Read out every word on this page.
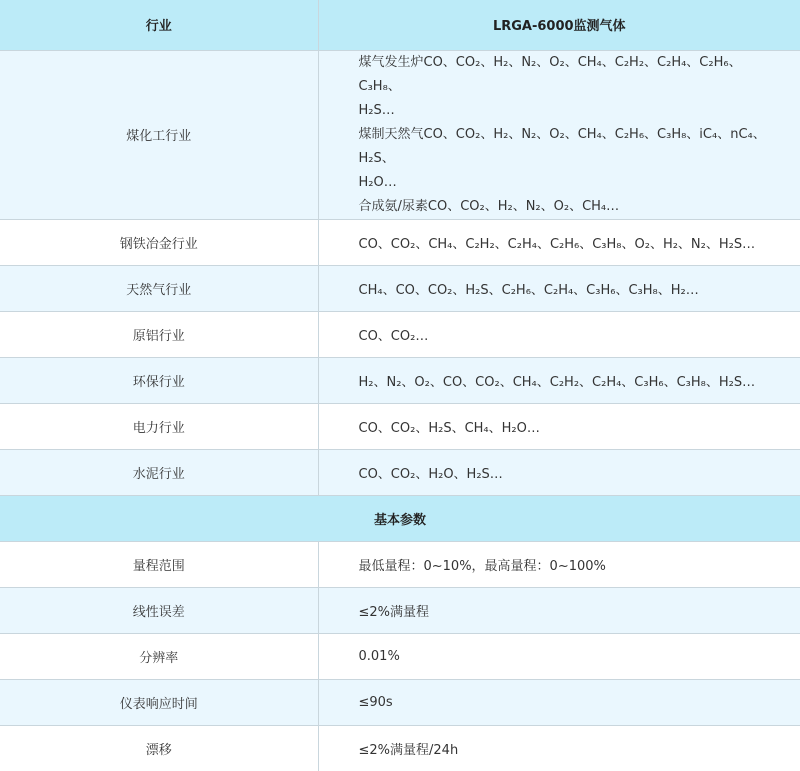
行业	LRGA-6000监测气体
煤化工行业	煤气发生炉CO、CO₂、H₂、N₂、O₂、CH₄、C₂H₂、C₂H₄、C₂H₆、C₃H₈、
H₂S…
煤制天然气CO、CO₂、H₂、N₂、O₂、CH₄、C₂H₆、C₃H₈、iC₄、nC₄、H₂S、
H₂O…
合成氨/尿素CO、CO₂、H₂、N₂、O₂、CH₄…

钢铁冶金行业	CO、CO₂、CH₄、C₂H₂、C₂H₄、C₂H₆、C₃H₈、O₂、H₂、N₂、H₂S…
天然气行业	CH₄、CO、CO₂、H₂S、C₂H₆、C₂H₄、C₃H₆、C₃H₈、H₂…
原铝行业	CO、CO₂…
环保行业	H₂、N₂、O₂、CO、CO₂、CH₄、C₂H₂、C₂H₄、C₃H₆、C₃H₈、H₂S…
电力行业	CO、CO₂、H₂S、CH₄、H₂O…
水泥行业	CO、CO₂、H₂O、H₂S…
基本参数	
量程范围	最低量程：0~10%，最高量程：0~100%
线性误差	≤2%满量程
分辨率	0.01%
仪表响应时间	≤90s
漂移	≤2%满量程/24h
